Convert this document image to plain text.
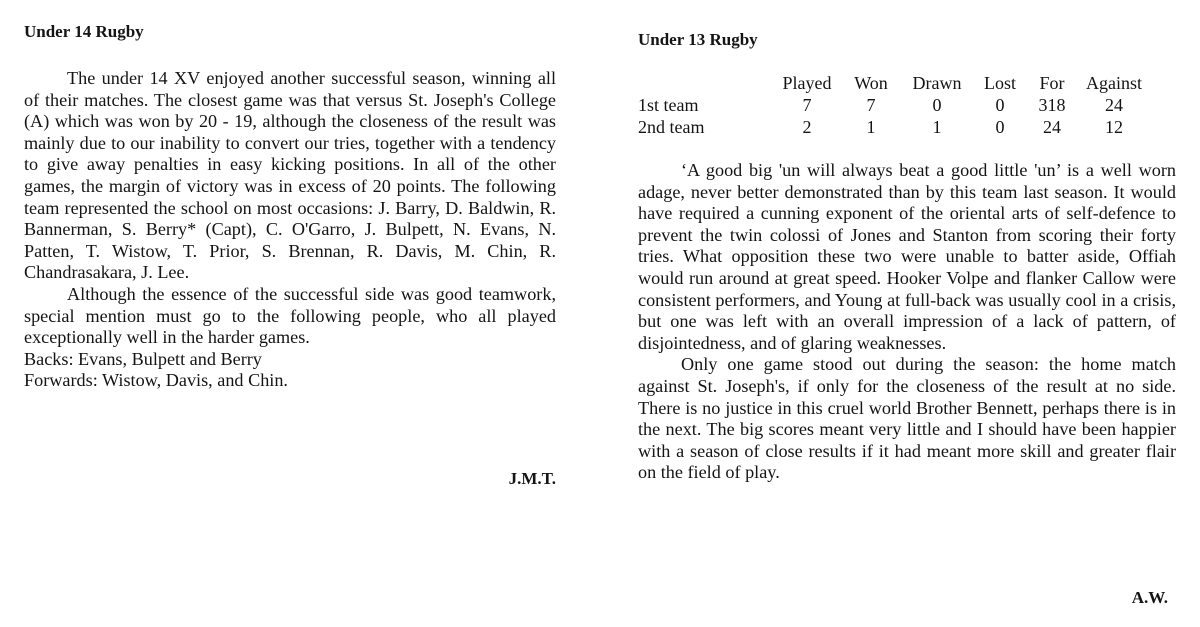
Under 14 Rugby

The under 14 XV enjoyed another successful season, winning all of their matches. The closest game was that versus St. Joseph's College (A) which was won by 20 - 19, although the closeness of the result was mainly due to our inability to convert our tries, together with a tendency to give away penalties in easy kicking positions. In all of the other games, the margin of victory was in excess of 20 points. The following team represented the school on most occasions: J. Barry, D. Baldwin, R. Bannerman, S. Berry* (Capt), C. O'Garro, J. Bulpett, N. Evans, N. Patten, T. Wistow, T. Prior, S. Brennan, R. Davis, M. Chin, R. Chandrasakara, J. Lee.

Although the essence of the successful side was good teamwork, special mention must go to the following people, who all played exceptionally well in the harder games.

Backs: Evans, Bulpett and Berry

Forwards: Wistow, Davis, and Chin.

J.M.T.
Under 13 Rugby
	Played	Won	Drawn	Lost	For	Against
1st team	7	7	0	0	318	24
2nd team	2	1	1	0	24	12

‘A good big 'un will always beat a good little 'un’ is a well worn adage, never better demonstrated than by this team last season. It would have required a cunning exponent of the oriental arts of self-defence to prevent the twin colossi of Jones and Stanton from scoring their forty tries. What opposition these two were unable to batter aside, Offiah would run around at great speed. Hooker Volpe and flanker Callow were consistent performers, and Young at full-back was usually cool in a crisis, but one was left with an overall impression of a lack of pattern, of disjointedness, and of glaring weaknesses.

Only one game stood out during the season: the home match against St. Joseph's, if only for the closeness of the result at no side. There is no justice in this cruel world Brother Bennett, perhaps there is in the next. The big scores meant very little and I should have been happier with a season of close results if it had meant more skill and greater flair on the field of play.

A.W.
